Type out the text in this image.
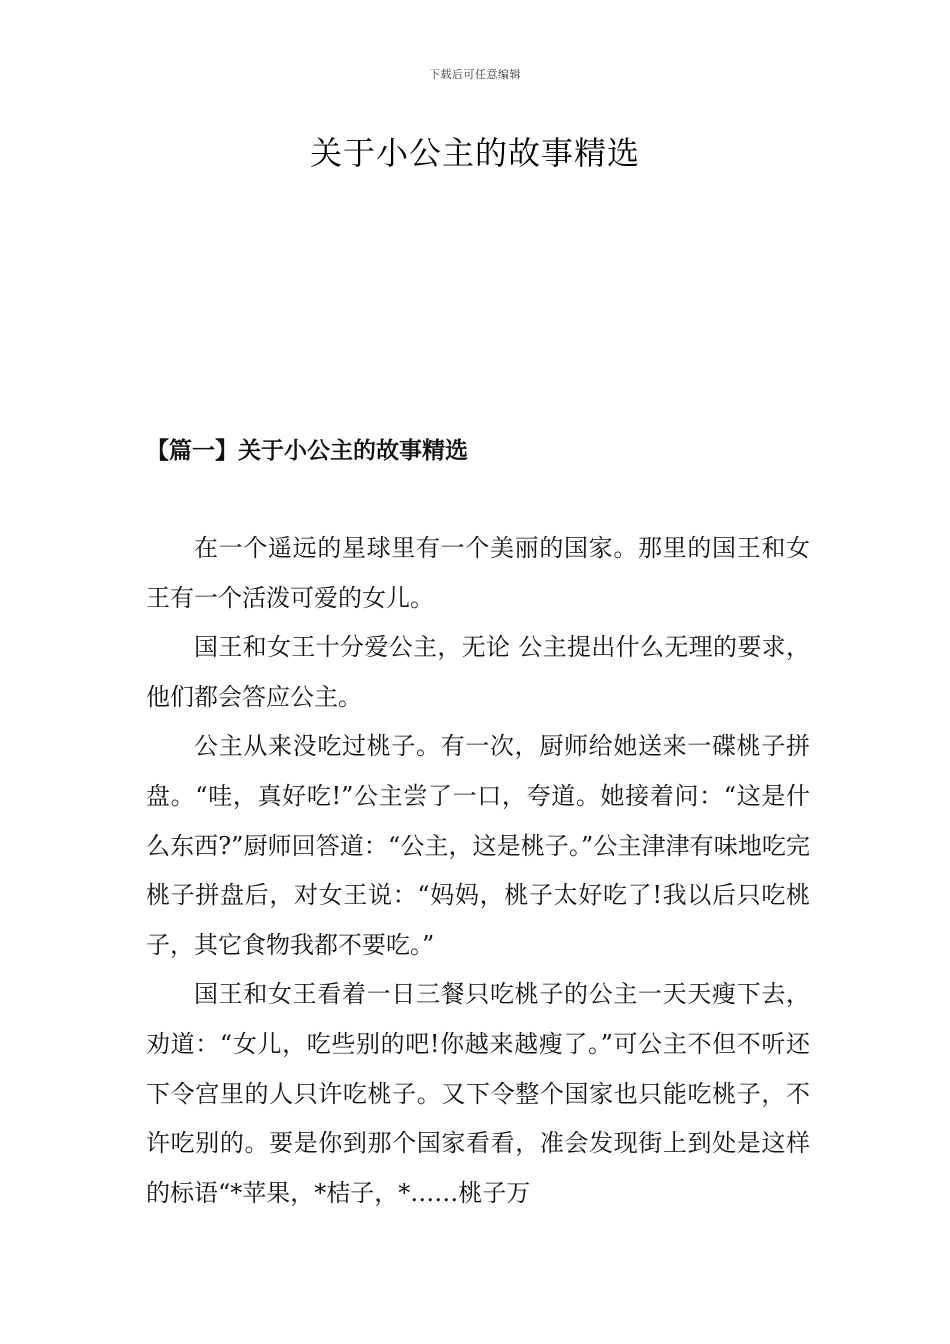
下载后可任意编辑
关于小公主的故事精选
【篇一】关于小公主的故事精选

在一个遥远的星球里有一个美丽的国家。那里的国王和女王有一个活泼可爱的女儿。

国王和女王十分爱公主，无论 公主提出什么无理的要求，他们都会答应公主。

公主从来没吃过桃子。有一次，厨师给她送来一碟桃子拼盘。“哇，真好吃!”公主尝了一口，夸道。她接着问：“这是什么东西?”厨师回答道：“公主，这是桃子。”公主津津有味地吃完桃子拼盘后，对女王说：“妈妈，桃子太好吃了!我以后只吃桃子，其它食物我都不要吃。”

国王和女王看着一日三餐只吃桃子的公主一天天瘦下去，劝道：“女儿，吃些别的吧!你越来越瘦了。”可公主不但不听还下令宫里的人只许吃桃子。又下令整个国家也只能吃桃子，不许吃别的。要是你到那个国家看看，准会发现街上到处是这样的标语“*苹果，*桔子，*……桃子万
